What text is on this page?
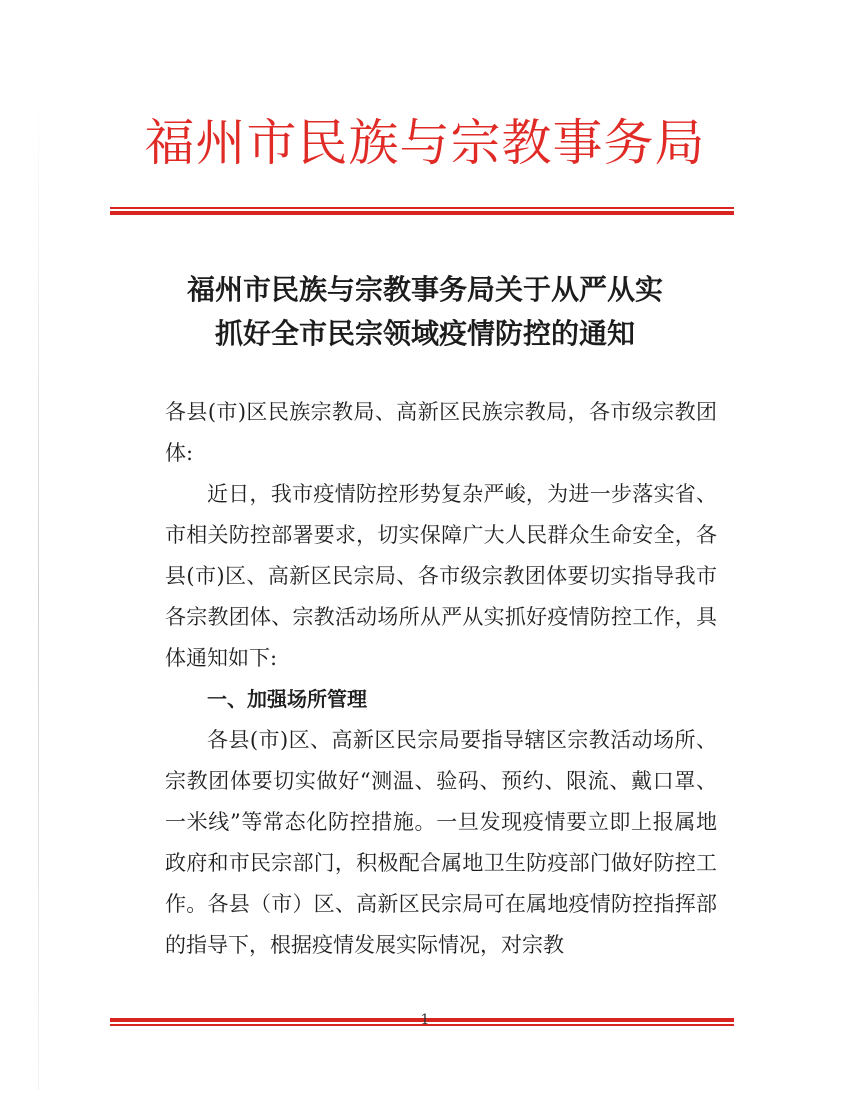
福州市民族与宗教事务局
福州市民族与宗教事务局关于从严从实
抓好全市民宗领域疫情防控的通知

各县(市)区民族宗教局、高新区民族宗教局，各市级宗教团体:

近日，我市疫情防控形势复杂严峻，为进一步落实省、市相关防控部署要求，切实保障广大人民群众生命安全，各县(市)区、高新区民宗局、各市级宗教团体要切实指导我市各宗教团体、宗教活动场所从严从实抓好疫情防控工作，具体通知如下:

一、加强场所管理

各县(市)区、高新区民宗局要指导辖区宗教活动场所、宗教团体要切实做好“测温、验码、预约、限流、戴口罩、一米线”等常态化防控措施。一旦发现疫情要立即上报属地政府和市民宗部门，积极配合属地卫生防疫部门做好防控工作。各县（市）区、高新区民宗局可在属地疫情防控指挥部的指导下，根据疫情发展实际情况，对宗教

1
